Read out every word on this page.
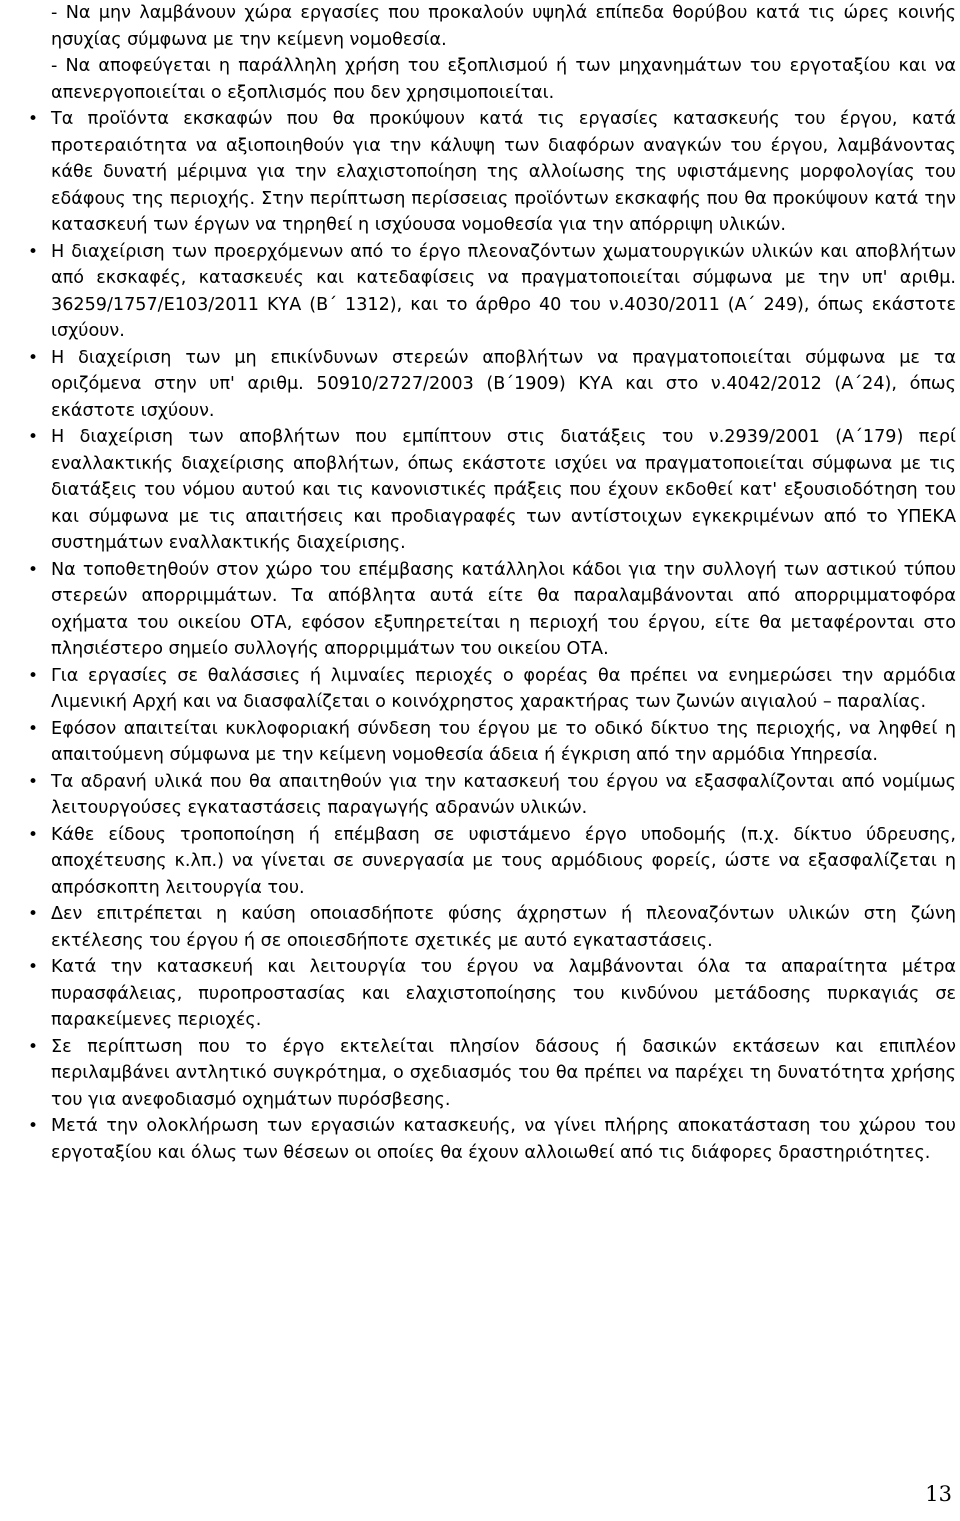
- Να μην λαμβάνουν χώρα εργασίες που προκαλούν υψηλά επίπεδα θορύβου κατά τις ώρες κοινής ησυχίας σύμφωνα με την κείμενη νομοθεσία.

- Να αποφεύγεται η παράλληλη χρήση του εξοπλισμού ή των μηχανημάτων του εργοταξίου και να απενεργοποιείται ο εξοπλισμός που δεν χρησιμοποιείται.

• Τα προϊόντα εκσκαφών που θα προκύψουν κατά τις εργασίες κατασκευής του έργου, κατά προτεραιότητα να αξιοποιηθούν για την κάλυψη των διαφόρων αναγκών του έργου, λαμβάνοντας κάθε δυνατή μέριμνα για την ελαχιστοποίηση της αλλοίωσης της υφιστάμενης μορφολογίας του εδάφους της περιοχής. Στην περίπτωση περίσσειας προϊόντων εκσκαφής που θα προκύψουν κατά την κατασκευή των έργων να τηρηθεί η ισχύουσα νομοθεσία για την απόρριψη υλικών.
• Η διαχείριση των προερχόμενων από το έργο πλεοναζόντων χωματουργικών υλικών και αποβλήτων από εκσκαφές, κατασκευές και κατεδαφίσεις να πραγματοποιείται σύμφωνα με την υπ' αριθμ. 36259/1757/Ε103/2011 ΚΥΑ (Β΄ 1312), και το άρθρο 40 του ν.4030/2011 (Α΄ 249), όπως εκάστοτε ισχύουν.
• Η διαχείριση των μη επικίνδυνων στερεών αποβλήτων να πραγματοποιείται σύμφωνα με τα οριζόμενα στην υπ' αριθμ. 50910/2727/2003 (Β΄1909) ΚΥΑ και στο ν.4042/2012 (Α΄24), όπως εκάστοτε ισχύουν.
• Η διαχείριση των αποβλήτων που εμπίπτουν στις διατάξεις του ν.2939/2001 (Α΄179) περί εναλλακτικής διαχείρισης αποβλήτων, όπως εκάστοτε ισχύει να πραγματοποιείται σύμφωνα με τις διατάξεις του νόμου αυτού και τις κανονιστικές πράξεις που έχουν εκδοθεί κατ' εξουσιοδότηση του και σύμφωνα με τις απαιτήσεις και προδιαγραφές των αντίστοιχων εγκεκριμένων από το ΥΠΕΚΑ συστημάτων εναλλακτικής διαχείρισης.
• Να τοποθετηθούν στον χώρο του επέμβασης κατάλληλοι κάδοι για την συλλογή των αστικού τύπου στερεών απορριμμάτων. Τα απόβλητα αυτά είτε θα παραλαμβάνονται από απορριμματοφόρα οχήματα του οικείου ΟΤΑ, εφόσον εξυπηρετείται η περιοχή του έργου, είτε θα μεταφέρονται στο πλησιέστερο σημείο συλλογής απορριμμάτων του οικείου ΟΤΑ.
• Για εργασίες σε θαλάσσιες ή λιμναίες περιοχές ο φορέας θα πρέπει να ενημερώσει την αρμόδια Λιμενική Αρχή και να διασφαλίζεται ο κοινόχρηστος χαρακτήρας των ζωνών αιγιαλού – παραλίας.
• Εφόσον απαιτείται κυκλοφοριακή σύνδεση του έργου με το οδικό δίκτυο της περιοχής, να ληφθεί η απαιτούμενη σύμφωνα με την κείμενη νομοθεσία άδεια ή έγκριση από την αρμόδια Υπηρεσία.
• Τα αδρανή υλικά που θα απαιτηθούν για την κατασκευή του έργου να εξασφαλίζονται από νομίμως λειτουργούσες εγκαταστάσεις παραγωγής αδρανών υλικών.
• Κάθε είδους τροποποίηση ή επέμβαση σε υφιστάμενο έργο υποδομής (π.χ. δίκτυο ύδρευσης, αποχέτευσης κ.λπ.) να γίνεται σε συνεργασία με τους αρμόδιους φορείς, ώστε να εξασφαλίζεται η απρόσκοπτη λειτουργία του.
• Δεν επιτρέπεται η καύση οποιασδήποτε φύσης άχρηστων ή πλεοναζόντων υλικών στη ζώνη εκτέλεσης του έργου ή σε οποιεσδήποτε σχετικές με αυτό εγκαταστάσεις.
• Κατά την κατασκευή και λειτουργία του έργου να λαμβάνονται όλα τα απαραίτητα μέτρα πυρασφάλειας, πυροπροστασίας και ελαχιστοποίησης του κινδύνου μετάδοσης πυρκαγιάς σε παρακείμενες περιοχές.
• Σε περίπτωση που το έργο εκτελείται πλησίον δάσους ή δασικών εκτάσεων και επιπλέον περιλαμβάνει αντλητικό συγκρότημα, ο σχεδιασμός του θα πρέπει να παρέχει τη δυνατότητα χρήσης του για ανεφοδιασμό οχημάτων πυρόσβεσης.
• Μετά την ολοκλήρωση των εργασιών κατασκευής, να γίνει πλήρης αποκατάσταση του χώρου του εργοταξίου και όλως των θέσεων οι οποίες θα έχουν αλλοιωθεί από τις διάφορες δραστηριότητες.
13
